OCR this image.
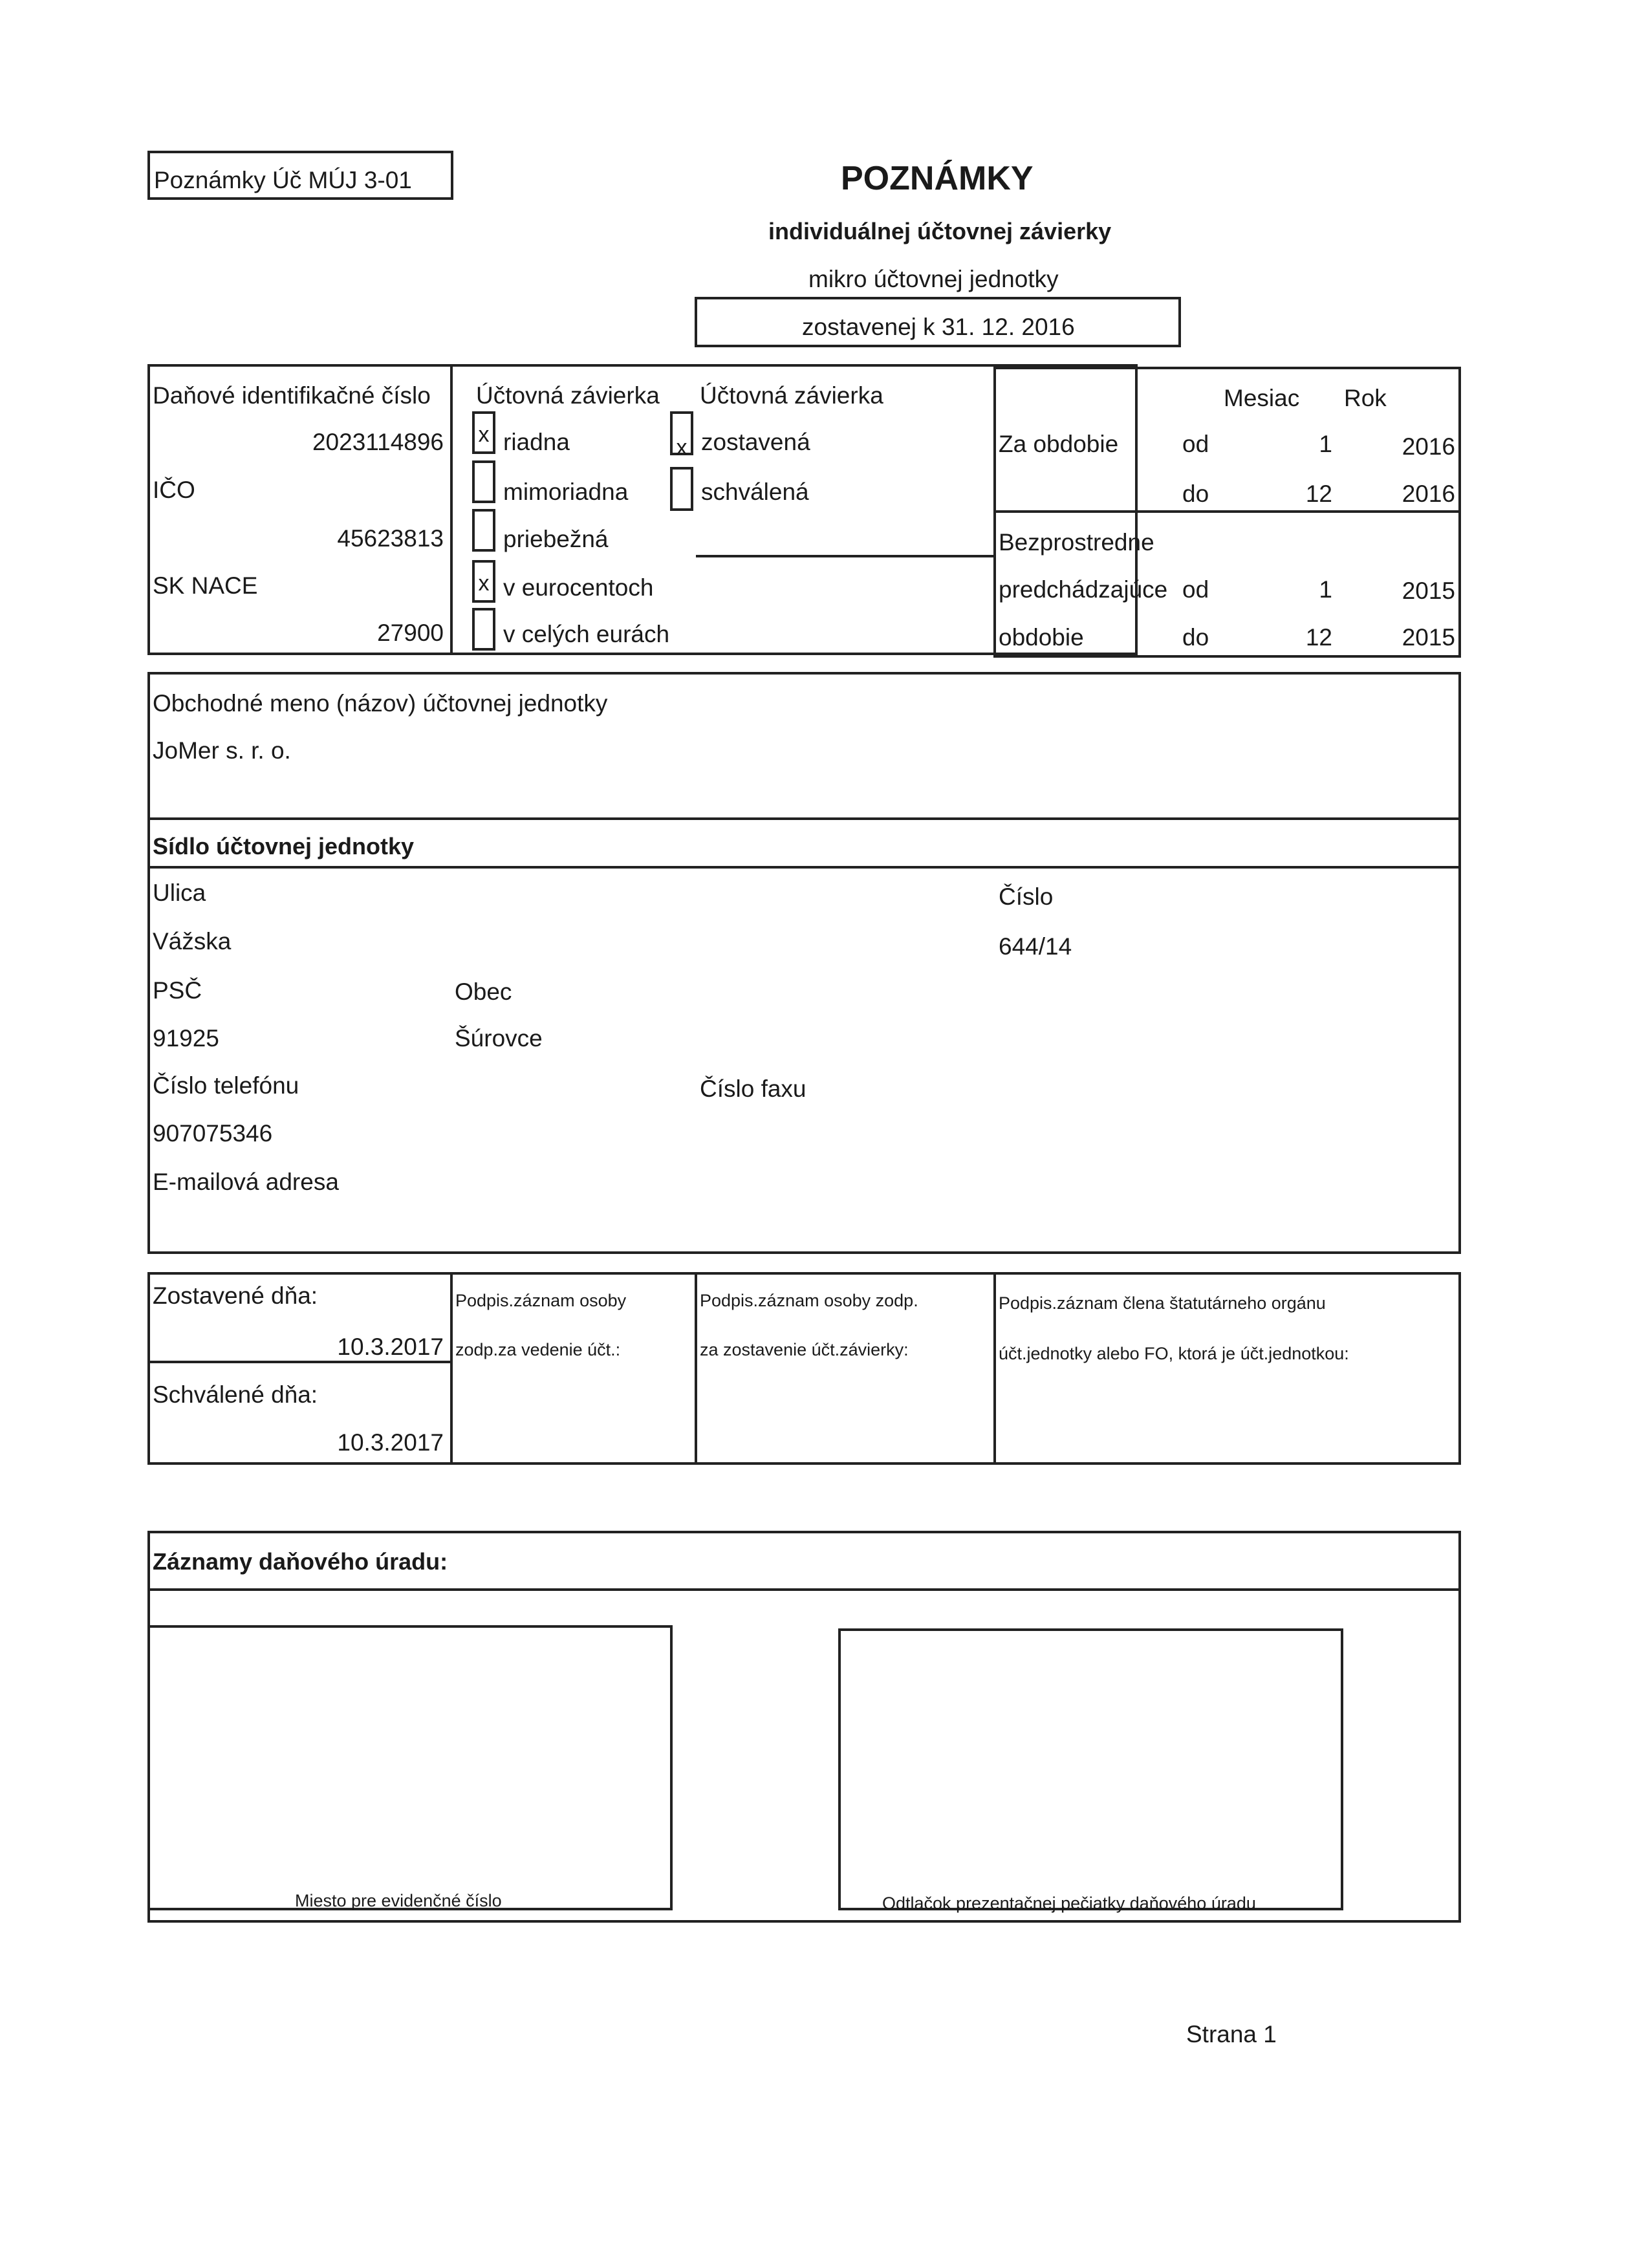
Poznámky Úč MÚJ 3-01	POZNÁMKY
individuálnej účtovnej závierky
mikro účtovnej jednotky
zostavenej k 31. 12. 2016
Daňové identifikačné číslo
2023114896
IČO
45623813
SK NACE
27900
Účtovná závierka
x riadna
mimoriadna
priebežná
x v eurocentoch
v celých eurách
Účtovná závierka
x zostavená
schválená
Mesiac Rok
Za obdobie	od	1	2016
do	12	2016
Bezprostredne
predchádzajúce
obdobie
od	1	2015
do	12	2015
Obchodné meno (názov) účtovnej jednotky
JoMer s. r. o.
Sídlo účtovnej jednotky
Ulica
Vážska
Číslo
644/14
PSČ
91925
Obec
Šúrovce
Číslo telefónu
907075346
Číslo faxu
E-mailová adresa
Zostavené dňa:
10.3.2017
Schválené dňa:
10.3.2017
Podpis.záznam osoby
zodp.za vedenie účt.:
Podpis.záznam osoby zodp.
za zostavenie účt.závierky:
Podpis.záznam člena štatutárneho orgánu
účt.jednotky alebo FO, ktorá je účt.jednotkou:
Záznamy daňového úradu:
Miesto pre evidenčné číslo	Odtlačok prezentačnej pečiatky daňového úradu
Strana 1
